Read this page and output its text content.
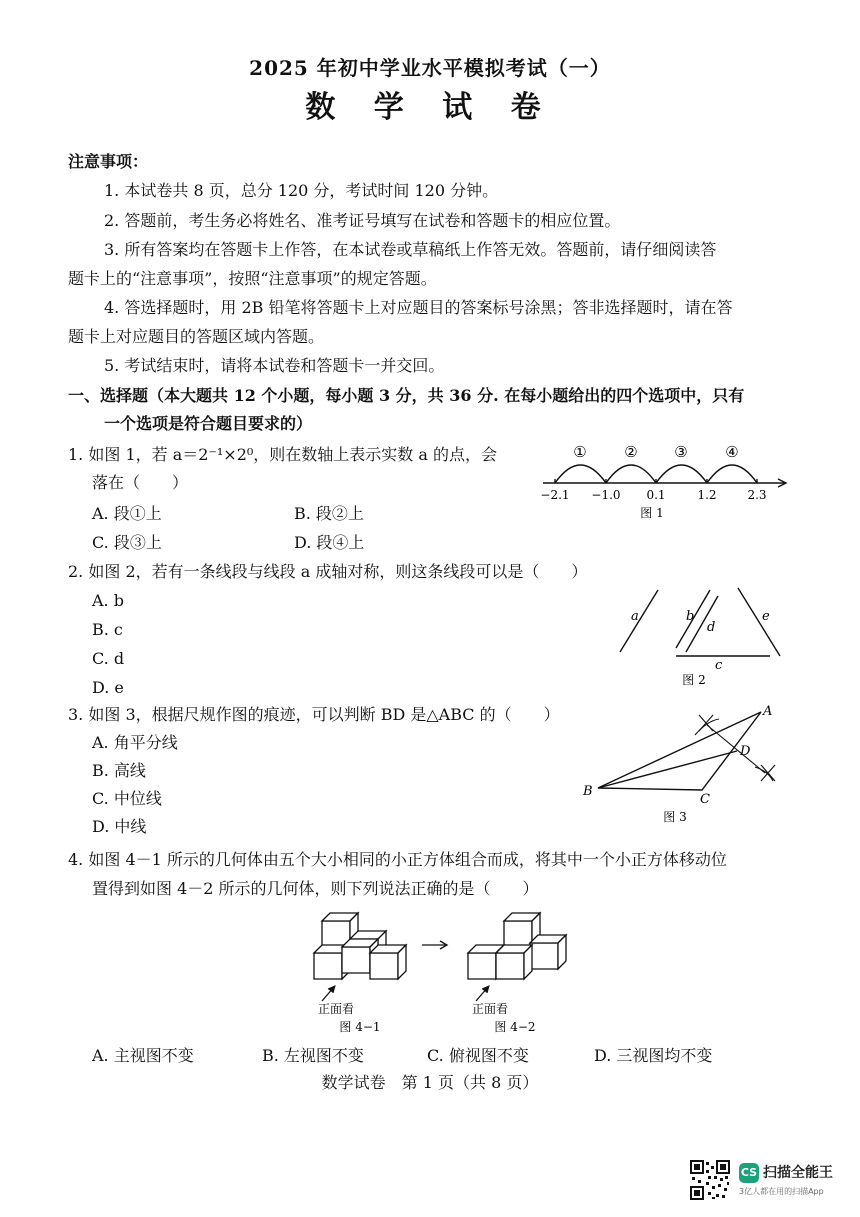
2025 年初中学业水平模拟考试（一）
数 学 试 卷
注意事项：
1. 本试卷共 8 页，总分 120 分，考试时间 120 分钟。
2. 答题前，考生务必将姓名、准考证号填写在试卷和答题卡的相应位置。
3. 所有答案均在答题卡上作答，在本试卷或草稿纸上作答无效。答题前，请仔细阅读答
题卡上的“注意事项”，按照“注意事项”的规定答题。
4. 答选择题时，用 2B 铅笔将答题卡上对应题目的答案标号涂黑；答非选择题时，请在答
题卡上对应题目的答题区域内答题。
5. 考试结束时，请将本试卷和答题卡一并交回。
一、选择题（本大题共 12 个小题，每小题 3 分，共 36 分. 在每小题给出的四个选项中，只有
一个选项是符合题目要求的）
1. 如图 1，若 a＝2⁻¹×2⁰，则在数轴上表示实数 a 的点，会
落在（　　）
A. 段①上	B. 段②上
C. 段③上	D. 段④上
①	② ③	④
−2.1 −1.0 0.1	1.2	2.3
图 1
2. 如图 2，若有一条线段与线段 a 成轴对称，则这条线段可以是（　　）
A. b
B. c
C. d
D. e
a	b
d
e
c
图 2
3. 如图 3，根据尺规作图的痕迹，可以判断 BD 是△ABC 的（　　）
A. 角平分线
B. 高线
C. 中位线
D. 中线
A
B
C
D
图 3
4. 如图 4－1 所示的几何体由五个大小相同的小正方体组合而成，将其中一个小正方体移动位
置得到如图 4－2 所示的几何体，则下列说法正确的是（　　）
正面看	正面看
图 4−1	图 4−2
A. 主视图不变	B. 左视图不变	C. 俯视图不变	D. 三视图均不变
数学试卷　第 1 页（共 8 页）
CS 扫描全能王
3亿人都在用的扫描App
